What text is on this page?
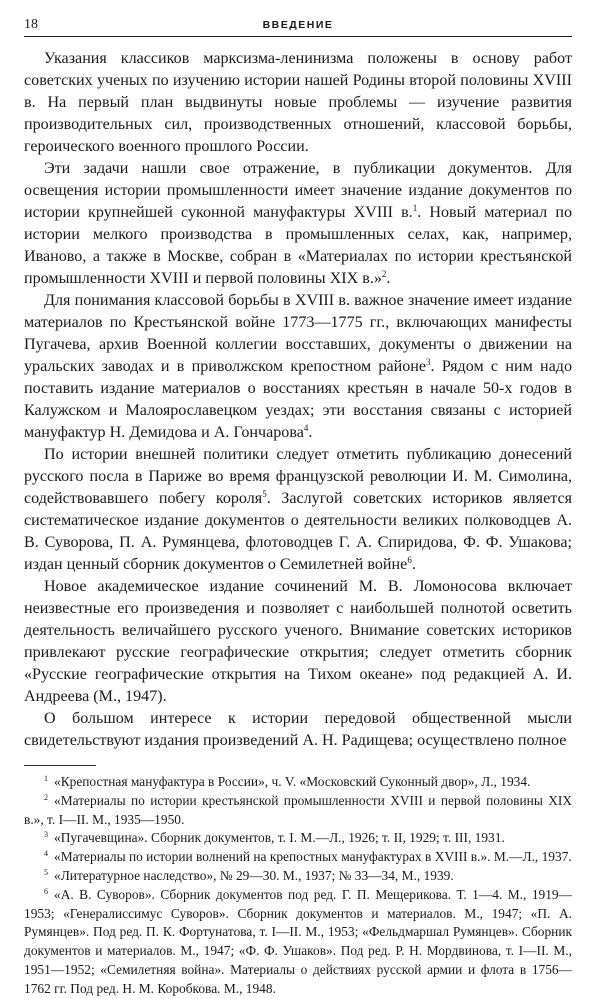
18	ВВЕДЕНИЕ

Указания классиков марксизма-ленинизма положены в основу работ советских ученых по изучению истории нашей Родины второй половины XVIII в. На первый план выдвинуты новые проблемы — изучение развития производительных сил, производственных отношений, классовой борьбы, героического военного прошлого России.

Эти задачи нашли свое отражение, в публикации документов. Для освещения истории промышленности имеет значение издание документов по истории крупнейшей суконной мануфактуры XVIII в.$^1$. Новый материал по истории мелкого производства в промышленных селах, как, например, Иваново, а также в Москве, собран в «Материалах по истории крестьянской промышленности XVIII и первой половины XIX в.»$^2$.

Для понимания классовой борьбы в XVIII в. важное значение имеет издание материалов по Крестьянской войне 1773—1775 гг., включающих манифесты Пугачева, архив Военной коллегии восставших, документы о движении на уральских заводах и в приволжском крепостном районе$^3$. Рядом с ним надо поставить издание материалов о восстаниях крестьян в начале 50-х годов в Калужском и Малоярославецком уездах; эти восстания связаны с историей мануфактур Н. Демидова и А. Гончарова$^4$.

По истории внешней политики следует отметить публикацию донесений русского посла в Париже во время французской революции И. М. Симолина, содействовавшего побегу короля$^5$. Заслугой советских историков является систематическое издание документов о деятельности великих полководцев А. В. Суворова, П. А. Румянцева, флотоводцев Г. А. Спиридова, Ф. Ф. Ушакова; издан ценный сборник документов о Семилетней войне$^6$.

Новое академическое издание сочинений М. В. Ломоносова включает неизвестные его произведения и позволяет с наибольшей полнотой осветить деятельность величайшего русского ученого. Внимание советских историков привлекают русские географические открытия; следует отметить сборник «Русские географические открытия на Тихом океане» под редакцией А. И. Андреева (М., 1947).

О большом интересе к истории передовой общественной мысли свидетельствуют издания произведений А. Н. Радищева; осуществлено полное

$^1$ «Крепостная мануфактура в России», ч. V. «Московский Суконный двор», Л., 1934.

$^2$ «Материалы по истории крестьянской промышленности XVIII и первой половины XIX в.», т. I—II. М., 1935—1950.

$^3$ «Пугачевщина». Сборник документов, т. I. М.—Л., 1926; т. II, 1929; т. III, 1931.

$^4$ «Материалы по истории волнений на крепостных мануфактурах в XVIII в.». М.—Л., 1937.

$^5$ «Литературное наследство», № 29—30. М., 1937; № 33—34, М., 1939.

$^6$ «А. В. Суворов». Сборник документов под ред. Г. П. Мещерикова. Т. 1—4. М., 1919—1953; «Генералиссимус Суворов». Сборник документов и материалов. М., 1947; «П. А. Румянцев». Под ред. П. К. Фортунатова, т. I—II. М., 1953; «Фельдмаршал Румянцев». Сборник документов и материалов. М., 1947; «Ф. Ф. Ушаков». Под ред. Р. Н. Мордвинова, т. I—II. М., 1951—1952; «Семилетняя война». Материалы о действиях русской армии и флота в 1756—1762 гг. Под ред. Н. М. Коробкова. М., 1948.
